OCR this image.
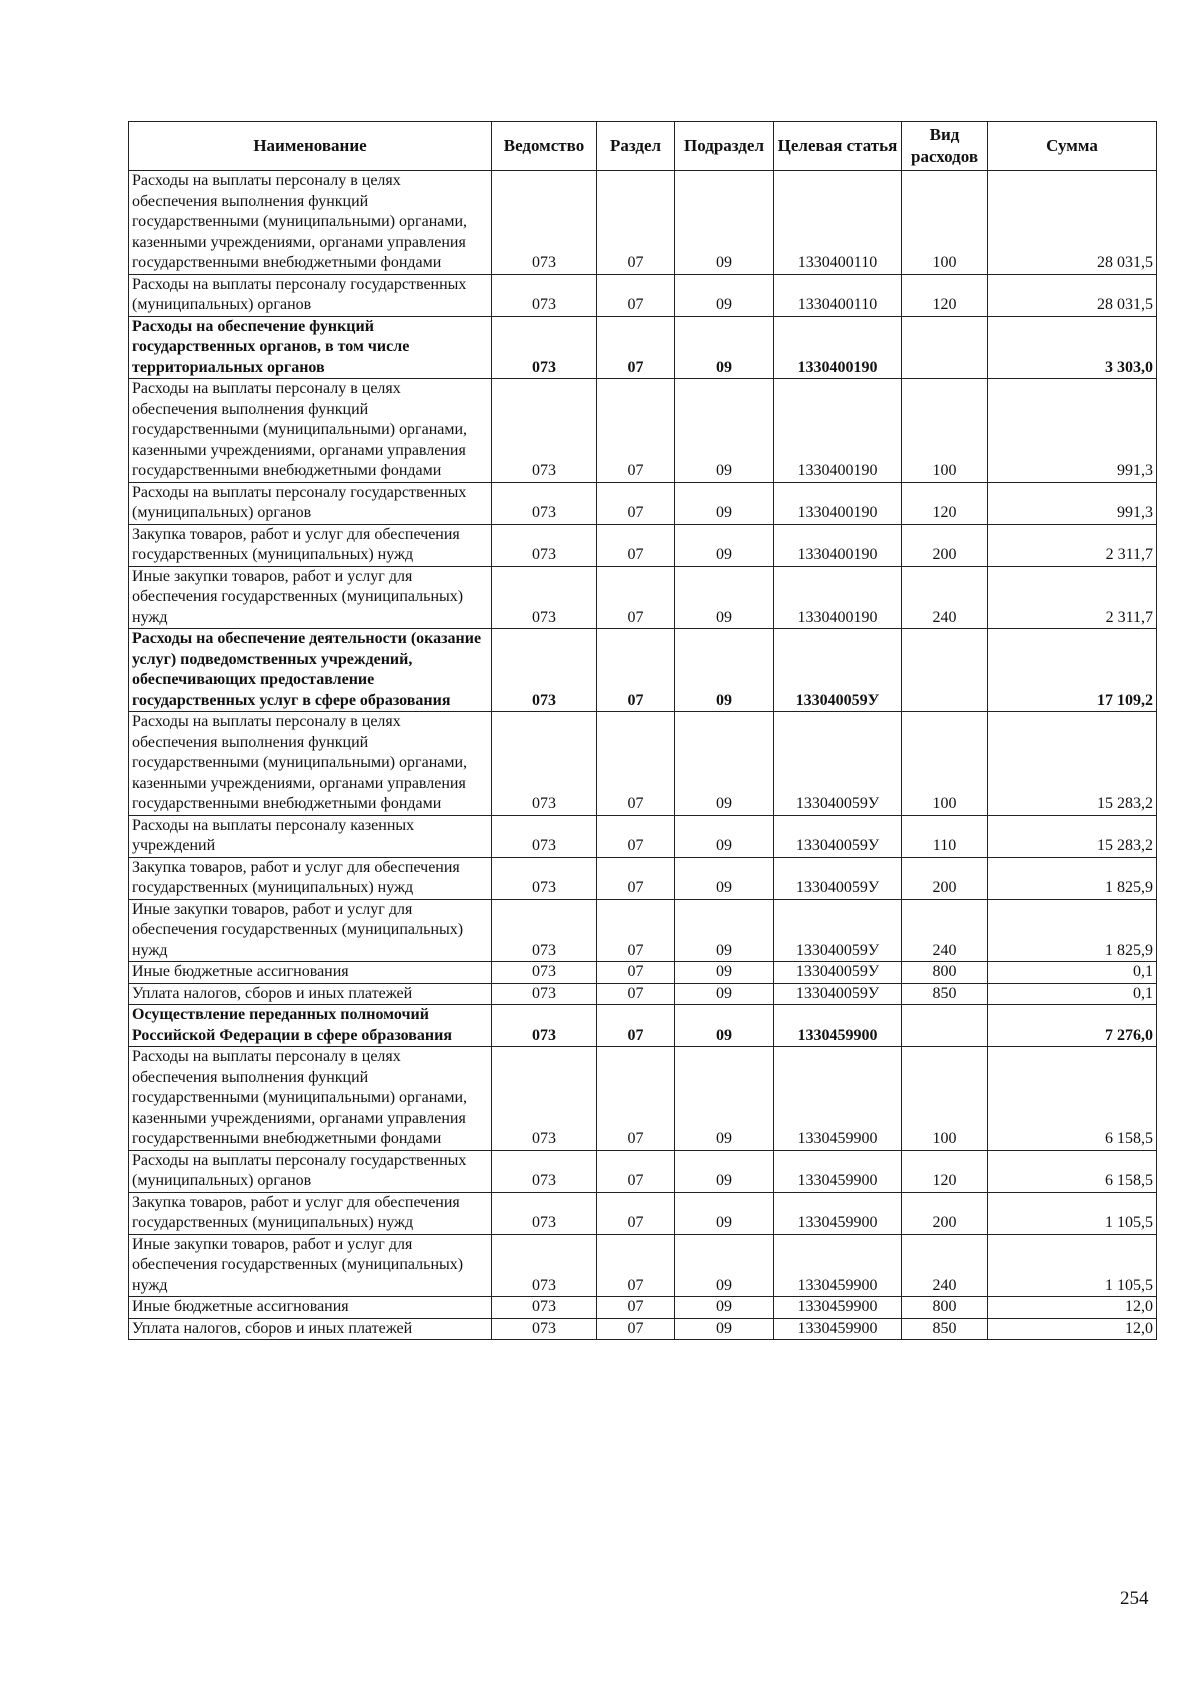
Наименование	Ведомство	Раздел	Подраздел	Целевая статья	Вид расходов	Сумма
Расходы на выплаты персоналу в целях обеспечения выполнения функций государственными (муниципальными) органами, казенными учреждениями, органами управления государственными внебюджетными фондами	073	07	09	1330400110	100	28 031,5
Расходы на выплаты персоналу государственных (муниципальных) органов	073	07	09	1330400110	120	28 031,5
Расходы на обеспечение функций государственных органов, в том числе территориальных органов	073	07	09	1330400190		3 303,0
Расходы на выплаты персоналу в целях обеспечения выполнения функций государственными (муниципальными) органами, казенными учреждениями, органами управления государственными внебюджетными фондами	073	07	09	1330400190	100	991,3
Расходы на выплаты персоналу государственных (муниципальных) органов	073	07	09	1330400190	120	991,3
Закупка товаров, работ и услуг для обеспечения государственных (муниципальных) нужд	073	07	09	1330400190	200	2 311,7
Иные закупки товаров, работ и услуг для обеспечения государственных (муниципальных) нужд	073	07	09	1330400190	240	2 311,7
Расходы на обеспечение деятельности (оказание услуг) подведомственных учреждений, обеспечивающих предоставление государственных услуг в сфере образования	073	07	09	133040059У		17 109,2
Расходы на выплаты персоналу в целях обеспечения выполнения функций государственными (муниципальными) органами, казенными учреждениями, органами управления государственными внебюджетными фондами	073	07	09	133040059У	100	15 283,2
Расходы на выплаты персоналу казенных учреждений	073	07	09	133040059У	110	15 283,2
Закупка товаров, работ и услуг для обеспечения государственных (муниципальных) нужд	073	07	09	133040059У	200	1 825,9
Иные закупки товаров, работ и услуг для обеспечения государственных (муниципальных) нужд	073	07	09	133040059У	240	1 825,9
Иные бюджетные ассигнования	073	07	09	133040059У	800	0,1
Уплата налогов, сборов и иных платежей	073	07	09	133040059У	850	0,1
Осуществление переданных полномочий Российской Федерации в сфере образования	073	07	09	1330459900		7 276,0
Расходы на выплаты персоналу в целях обеспечения выполнения функций государственными (муниципальными) органами, казенными учреждениями, органами управления государственными внебюджетными фондами	073	07	09	1330459900	100	6 158,5
Расходы на выплаты персоналу государственных (муниципальных) органов	073	07	09	1330459900	120	6 158,5
Закупка товаров, работ и услуг для обеспечения государственных (муниципальных) нужд	073	07	09	1330459900	200	1 105,5
Иные закупки товаров, работ и услуг для обеспечения государственных (муниципальных) нужд	073	07	09	1330459900	240	1 105,5
Иные бюджетные ассигнования	073	07	09	1330459900	800	12,0
Уплата налогов, сборов и иных платежей	073	07	09	1330459900	850	12,0
254
